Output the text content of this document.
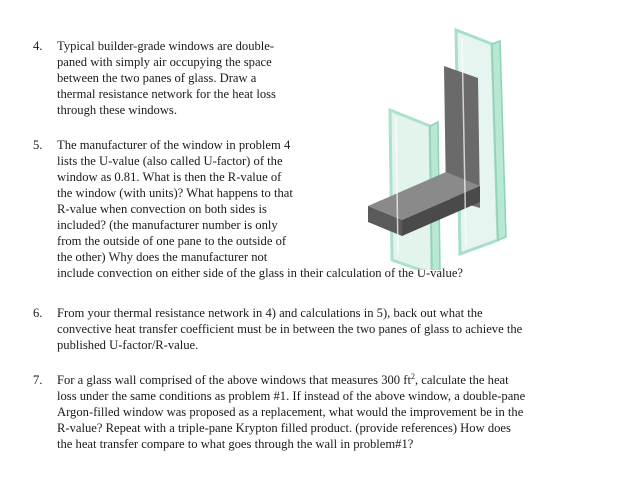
4. Typical builder-grade windows are double-
paned with simply air occupying the space
between the two panes of glass. Draw a
thermal resistance network for the heat loss
through these windows.
5. The manufacturer of the window in problem 4
lists the U-value (also called U-factor) of the
window as 0.81. What is then the R-value of
the window (with units)? What happens to that
R-value when convection on both sides is
included? (the manufacturer number is only
from the outside of one pane to the outside of
the other) Why does the manufacturer not
include convection on either side of the glass in their calculation of the U-value?
6. From your thermal resistance network in 4) and calculations in 5), back out what the
convective heat transfer coefficient must be in between the two panes of glass to achieve the
published U-factor/R-value.
7. For a glass wall comprised of the above windows that measures 300 $ft^2$, calculate the heat
loss under the same conditions as problem #1. If instead of the above window, a double-pane
Argon-filled window was proposed as a replacement, what would the improvement be in the
R-value? Repeat with a triple-pane Krypton filled product. (provide references) How does
the heat transfer compare to what goes through the wall in problem#1?
